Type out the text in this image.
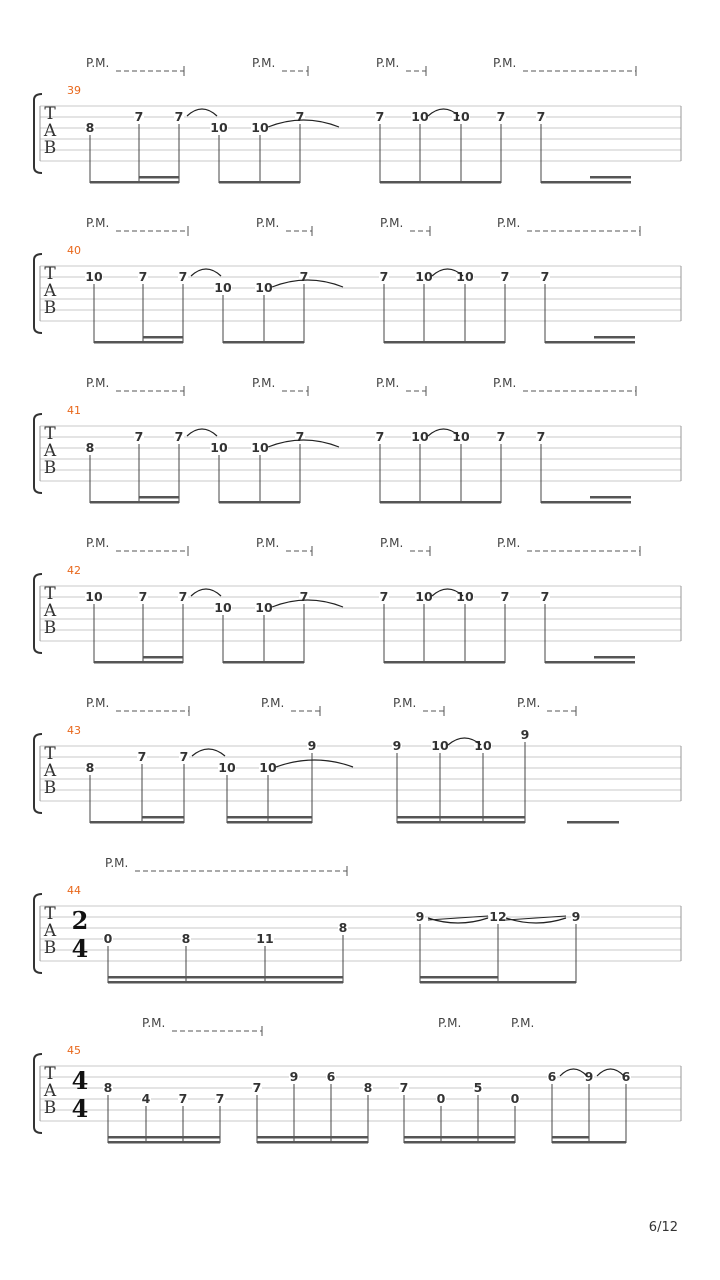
T
A
B
39
P.M.	P.M.	P.M.	P.M.
8
7	7
10 10
7	7 10 10 7	7
T
A
B
40
P.M.	P.M.	P.M.	P.M.
10	7	7
10 10
7	7 10 10 7	7
T
A
B
41
P.M.	P.M.	P.M.	P.M.
8
7	7
10 10
7	7 10 10 7	7
T
A
B
42
P.M.	P.M.	P.M.	P.M.
10	7	7
10 10
7	7 10 10 7	7
T
A
B
43
P.M.	P.M.	P.M.	P.M.
8
7	7
10 10
9	9 10 10
9
T
A
B
44
2
4
P.M.
0	8	11
8
9	12	9
T
A
B
45
4
4
P.M.	P.M.	P.M.
8
4 7 7
7
9 6
8 7
0
5
0
6 9 6
6/12
